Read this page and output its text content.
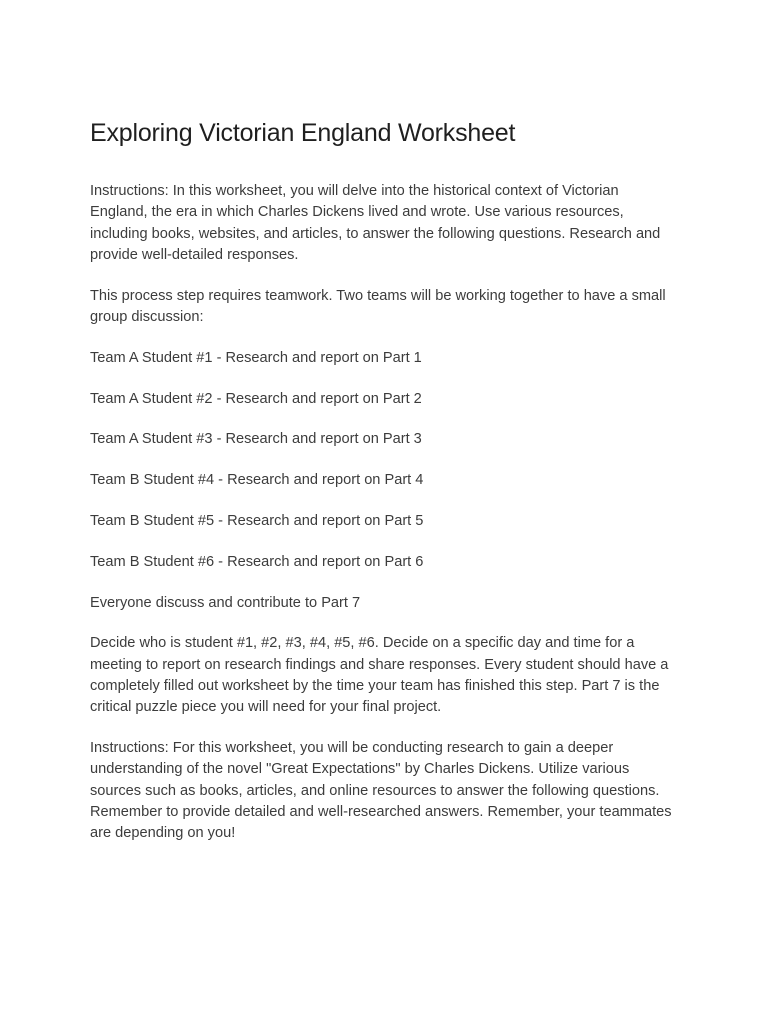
Exploring Victorian England Worksheet

Instructions: In this worksheet, you will delve into the historical context of Victorian England, the era in which Charles Dickens lived and wrote. Use various resources, including books, websites, and articles, to answer the following questions. Research and provide well-detailed responses.

This process step requires teamwork. Two teams will be working together to have a small group discussion:

Team A Student #1 - Research and report on Part 1

Team A Student #2 - Research and report on Part 2

Team A Student #3 - Research and report on Part 3

Team B Student #4 - Research and report on Part 4

Team B Student #5 - Research and report on Part 5

Team B Student #6 - Research and report on Part 6

Everyone discuss and contribute to Part 7

Decide who is student #1, #2, #3, #4, #5, #6. Decide on a specific day and time for a meeting to report on research findings and share responses. Every student should have a completely filled out worksheet by the time your team has finished this step. Part 7 is the critical puzzle piece you will need for your final project.

Instructions: For this worksheet, you will be conducting research to gain a deeper understanding of the novel "Great Expectations" by Charles Dickens. Utilize various sources such as books, articles, and online resources to answer the following questions. Remember to provide detailed and well-researched answers. Remember, your teammates are depending on you!
